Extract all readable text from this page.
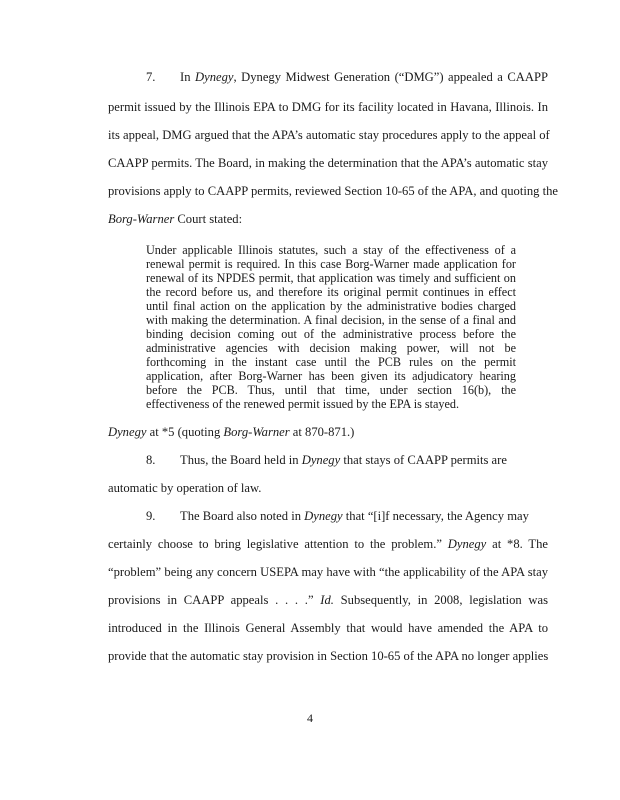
7. In Dynegy, Dynegy Midwest Generation (“DMG”) appealed a CAAPP
permit issued by the Illinois EPA to DMG for its facility located in Havana, Illinois. In
its appeal, DMG argued that the APA’s automatic stay procedures apply to the appeal of
CAAPP permits. The Board, in making the determination that the APA’s automatic stay
provisions apply to CAAPP permits, reviewed Section 10-65 of the APA, and quoting the
Borg-Warner Court stated:
Under applicable Illinois statutes, such a stay of the effectiveness of a
renewal permit is required. In this case Borg-Warner made application for
renewal of its NPDES permit, that application was timely and sufficient on
the record before us, and therefore its original permit continues in effect
until final action on the application by the administrative bodies charged
with making the determination. A final decision, in the sense of a final and
binding decision coming out of the administrative process before the
administrative agencies with decision making power, will not be
forthcoming in the instant case until the PCB rules on the permit
application, after Borg-Warner has been given its adjudicatory hearing
before the PCB. Thus, until that time, under section 16(b), the
effectiveness of the renewed permit issued by the EPA is stayed.
Dynegy at *5 (quoting Borg-Warner at 870-871.)
8. Thus, the Board held in Dynegy that stays of CAAPP permits are
automatic by operation of law.
9. The Board also noted in Dynegy that “[i]f necessary, the Agency may
certainly choose to bring legislative attention to the problem.” Dynegy at *8. The
“problem” being any concern USEPA may have with “the applicability of the APA stay
provisions in CAAPP appeals . . . .” Id. Subsequently, in 2008, legislation was
introduced in the Illinois General Assembly that would have amended the APA to
provide that the automatic stay provision in Section 10-65 of the APA no longer applies
4
